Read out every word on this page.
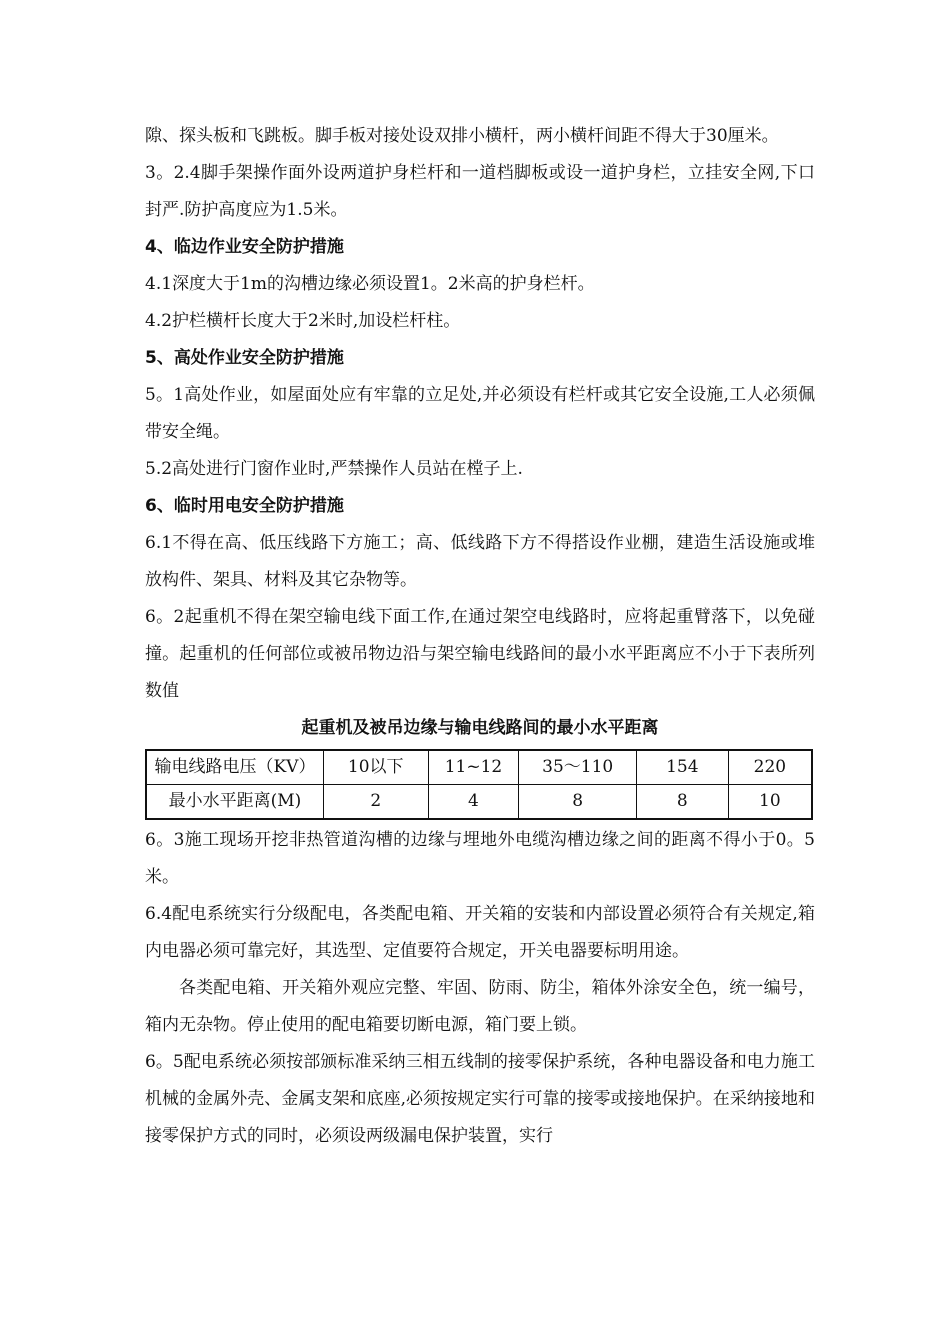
隙、探头板和飞跳板。脚手板对接处设双排小横杆，两小横杆间距不得大于30厘米。

3。2.4脚手架操作面外设两道护身栏杆和一道档脚板或设一道护身栏，立挂安全网,下口封严.防护高度应为1.5米。

4、临边作业安全防护措施

4.1深度大于1m的沟槽边缘必须设置1。2米高的护身栏杆。

4.2护栏横杆长度大于2米时,加设栏杆柱。

5、高处作业安全防护措施

5。1高处作业，如屋面处应有牢靠的立足处,并必须设有栏杆或其它安全设施,工人必须佩带安全绳。

5.2高处进行门窗作业时,严禁操作人员站在樘子上.

6、临时用电安全防护措施

6.1不得在高、低压线路下方施工；高、低线路下方不得搭设作业棚，建造生活设施或堆放构件、架具、材料及其它杂物等。

6。2起重机不得在架空输电线下面工作,在通过架空电线路时，应将起重臂落下，以免碰撞。起重机的任何部位或被吊物边沿与架空输电线路间的最小水平距离应不小于下表所列数值

起重机及被吊边缘与输电线路间的最小水平距离

输电线路电压（KV）	10以下	11~12	35～110	154	220
最小水平距离(M)	2	4	8	8	10

6。3施工现场开挖非热管道沟槽的边缘与埋地外电缆沟槽边缘之间的距离不得小于0。5米。

6.4配电系统实行分级配电，各类配电箱、开关箱的安装和内部设置必须符合有关规定,箱内电器必须可靠完好，其选型、定值要符合规定，开关电器要标明用途。

各类配电箱、开关箱外观应完整、牢固、防雨、防尘，箱体外涂安全色，统一编号， 箱内无杂物。停止使用的配电箱要切断电源，箱门要上锁。

6。5配电系统必须按部颁标准采纳三相五线制的接零保护系统，各种电器设备和电力施工机械的金属外壳、金属支架和底座,必须按规定实行可靠的接零或接地保护。在采纳接地和接零保护方式的同时，必须设两级漏电保护装置，实行
